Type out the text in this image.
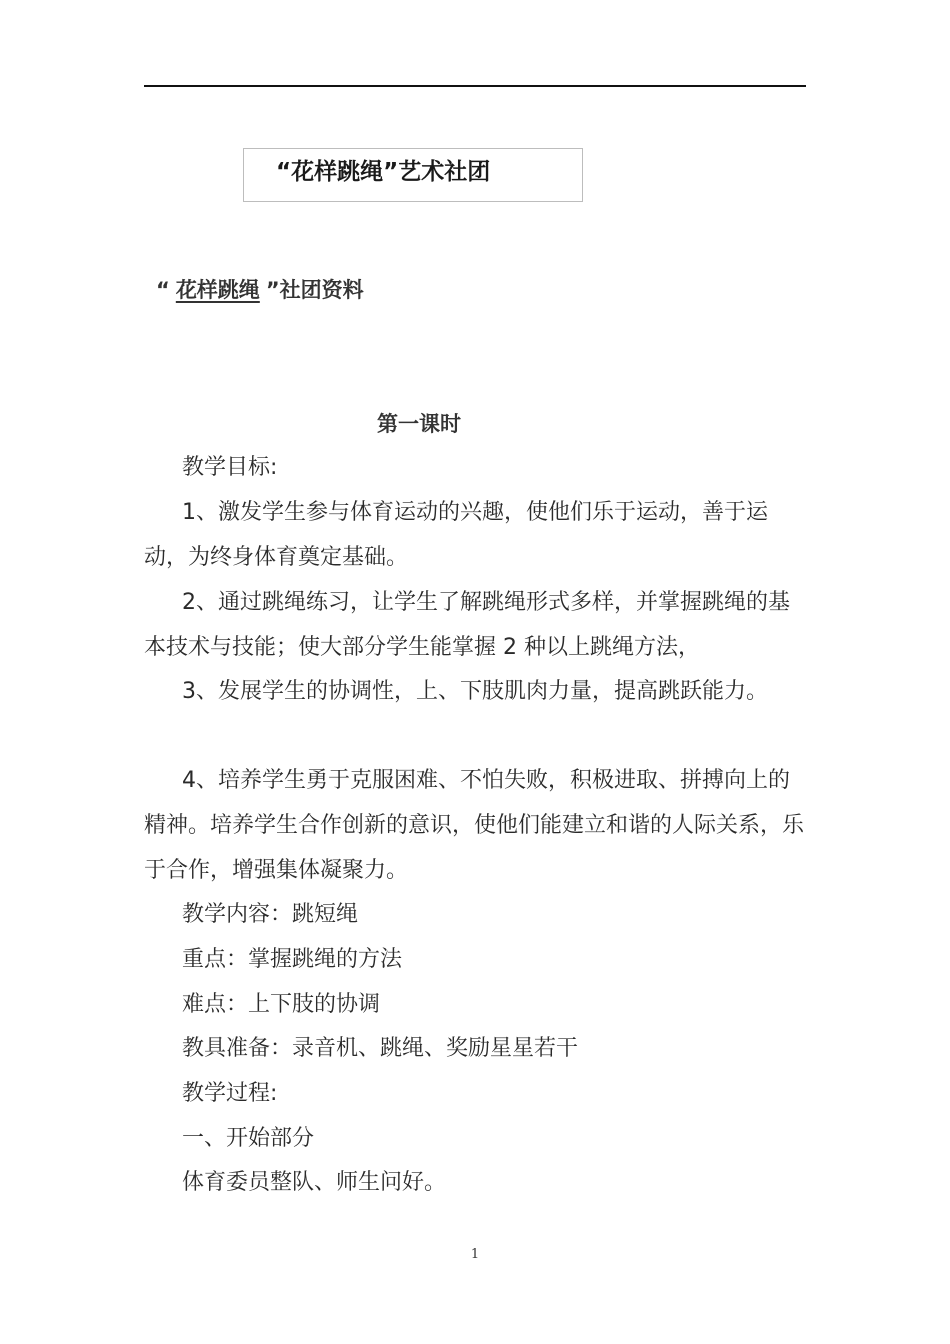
“花样跳绳”艺术社团
“ 花样跳绳 ”社团资料
第一课时

教学目标:

1、激发学生参与体育运动的兴趣，使他们乐于运动，善于运动，为终身体育奠定基础。

2、通过跳绳练习，让学生了解跳绳形式多样，并掌握跳绳的基本技术与技能；使大部分学生能掌握 2 种以上跳绳方法，

3、发展学生的协调性，上、下肢肌肉力量，提高跳跃能力。

4、培养学生勇于克服困难、不怕失败，积极进取、拼搏向上的精神。培养学生合作创新的意识，使他们能建立和谐的人际关系，乐于合作，增强集体凝聚力。

教学内容：跳短绳

重点：掌握跳绳的方法

难点：上下肢的协调

教具准备：录音机、跳绳、奖励星星若干

教学过程:

一、开始部分

体育委员整队、师生问好。

1
